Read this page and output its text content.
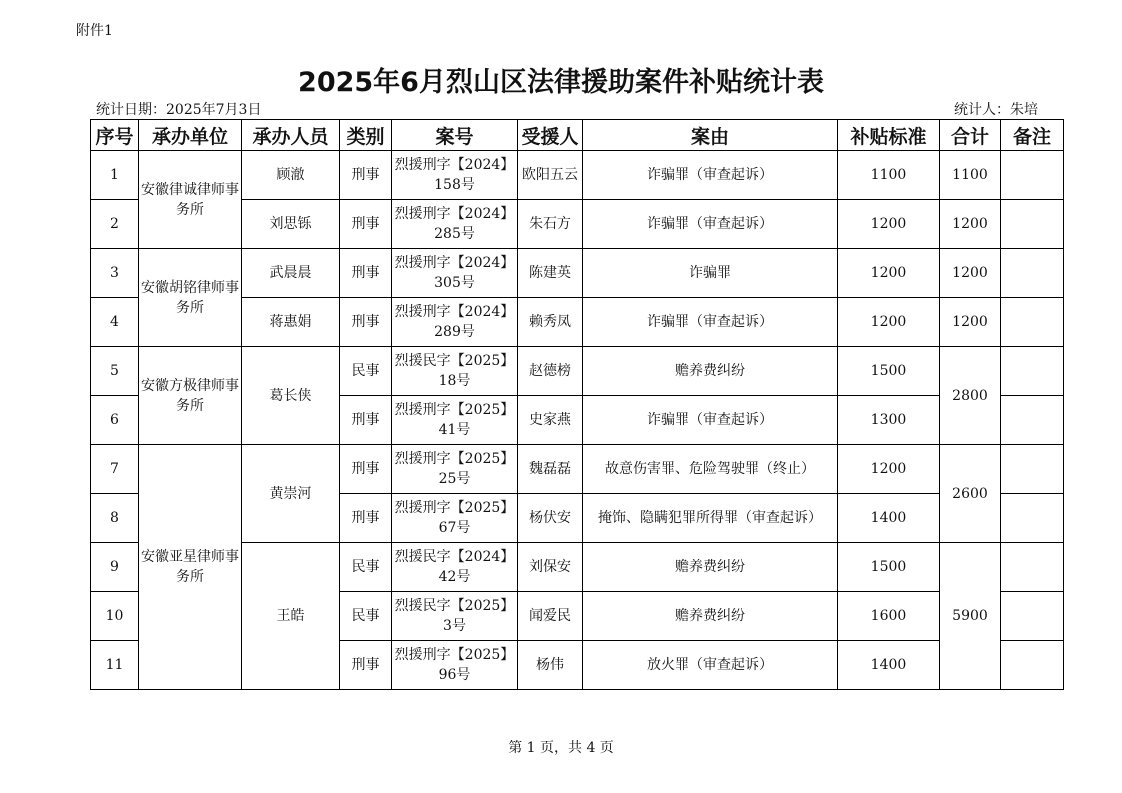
附件1
2025年6月烈山区法律援助案件补贴统计表
统计日期：2025年7月3日	统计人：朱培
序号	承办单位	承办人员	类别	案号	受援人	案由	补贴标准	合计	备注
1	安徽律诚律师事务所	顾澈	刑事	烈援刑字【2024】158号	欧阳五云	诈骗罪（审查起诉）	1100	1100	
2		刘思铄	刑事	烈援刑字【2024】285号	朱石方	诈骗罪（审查起诉）	1200	1200	
3	安徽胡铭律师事务所	武晨晨	刑事	烈援刑字【2024】305号	陈建英	诈骗罪	1200	1200	
4		蒋惠娟	刑事	烈援刑字【2024】289号	赖秀凤	诈骗罪（审查起诉）	1200	1200	
5	安徽方极律师事务所	葛长侠	民事	烈援民字【2025】18号	赵德榜	赡养费纠纷	1500	2800	
6			刑事	烈援刑字【2025】41号	史家燕	诈骗罪（审查起诉）	1300		
7	安徽亚星律师事务所	黄崇河	刑事	烈援刑字【2025】25号	魏磊磊	故意伤害罪、危险驾驶罪（终止）	1200	2600	
8			刑事	烈援刑字【2025】67号	杨伏安	掩饰、隐瞒犯罪所得罪（审查起诉）	1400		
9		王皓	民事	烈援民字【2024】42号	刘保安	赡养费纠纷	1500	5900	
10			民事	烈援民字【2025】3号	闻爱民	赡养费纠纷	1600		
11			刑事	烈援刑字【2025】96号	杨伟	放火罪（审查起诉）	1400		
第 1 页，共 4 页
